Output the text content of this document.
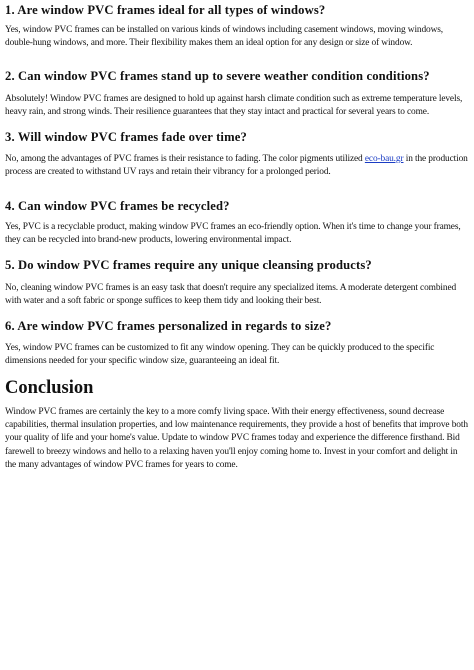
1. Are window PVC frames ideal for all types of windows?

Yes, window PVC frames can be installed on various kinds of windows including casement windows, moving windows, double-hung windows, and more. Their flexibility makes them an ideal option for any design or size of window.

2. Can window PVC frames stand up to severe weather condition conditions?

Absolutely! Window PVC frames are designed to hold up against harsh climate condition such as extreme temperature levels, heavy rain, and strong winds. Their resilience guarantees that they stay intact and practical for several years to come.

3. Will window PVC frames fade over time?

No, among the advantages of PVC frames is their resistance to fading. The color pigments utilized eco-bau.gr in the production process are created to withstand UV rays and retain their vibrancy for a prolonged period.

4. Can window PVC frames be recycled?

Yes, PVC is a recyclable product, making window PVC frames an eco-friendly option. When it's time to change your frames, they can be recycled into brand-new products, lowering environmental impact.

5. Do window PVC frames require any unique cleansing products?

No, cleaning window PVC frames is an easy task that doesn't require any specialized items. A moderate detergent combined with water and a soft fabric or sponge suffices to keep them tidy and looking their best.

6. Are window PVC frames personalized in regards to size?

Yes, window PVC frames can be customized to fit any window opening. They can be quickly produced to the specific dimensions needed for your specific window size, guaranteeing an ideal fit.

Conclusion

Window PVC frames are certainly the key to a more comfy living space. With their energy effectiveness, sound decrease capabilities, thermal insulation properties, and low maintenance requirements, they provide a host of benefits that improve both your quality of life and your home's value. Update to window PVC frames today and experience the difference firsthand. Bid farewell to breezy windows and hello to a relaxing haven you'll enjoy coming home to. Invest in your comfort and delight in the many advantages of window PVC frames for years to come.
